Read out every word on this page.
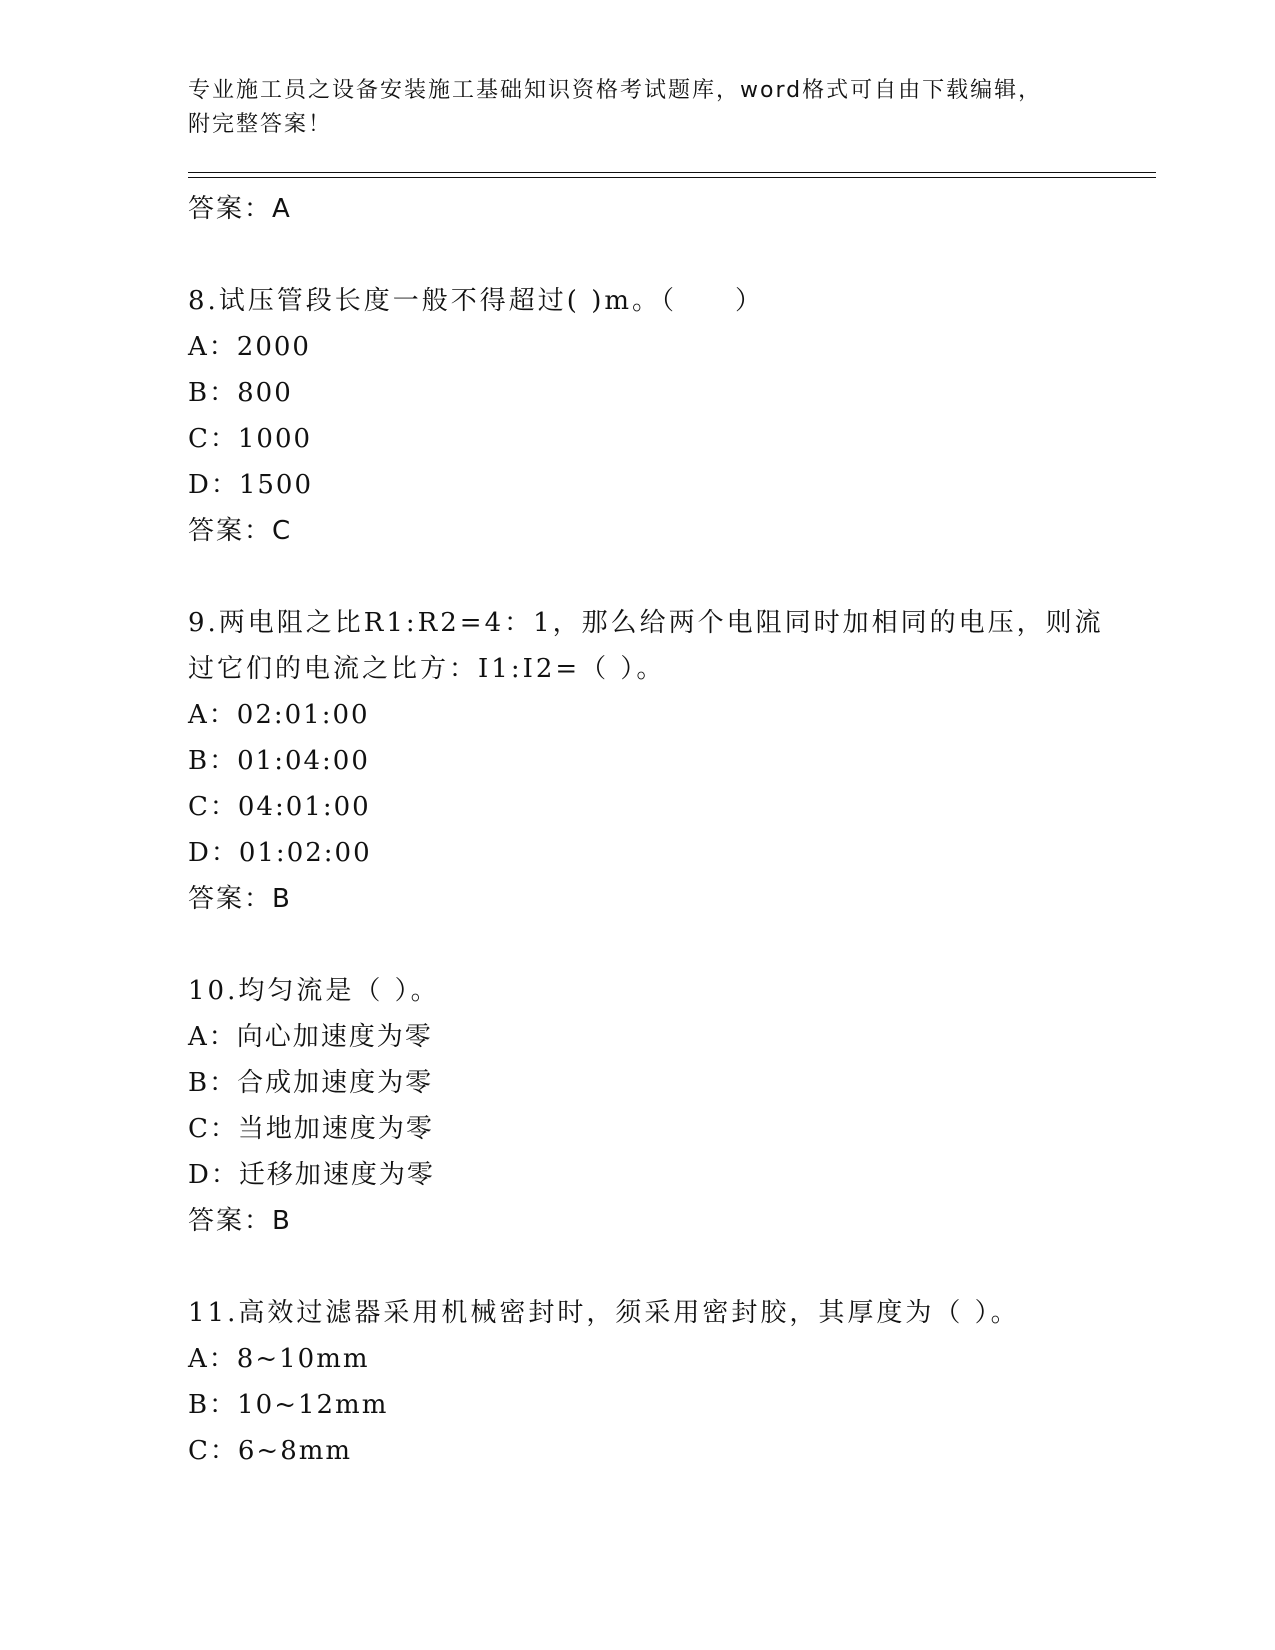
专业施工员之设备安装施工基础知识资格考试题库，word格式可自由下载编辑，
附完整答案！
答案：A
8.试压管段长度一般不得超过( )m。（　　）
A：2000
B：800
C：1000
D：1500
答案：C
9.两电阻之比R1:R2=4：1，那么给两个电阻同时加相同的电压，则流过它们的电流之比方：I1:I2=（ ）。
A：02:01:00
B：01:04:00
C：04:01:00
D：01:02:00
答案：B
10.均匀流是（ ）。
A：向心加速度为零
B：合成加速度为零
C：当地加速度为零
D：迁移加速度为零
答案：B
11.高效过滤器采用机械密封时，须采用密封胶，其厚度为（ ）。
A：8~10mm
B：10~12mm
C：6~8mm
